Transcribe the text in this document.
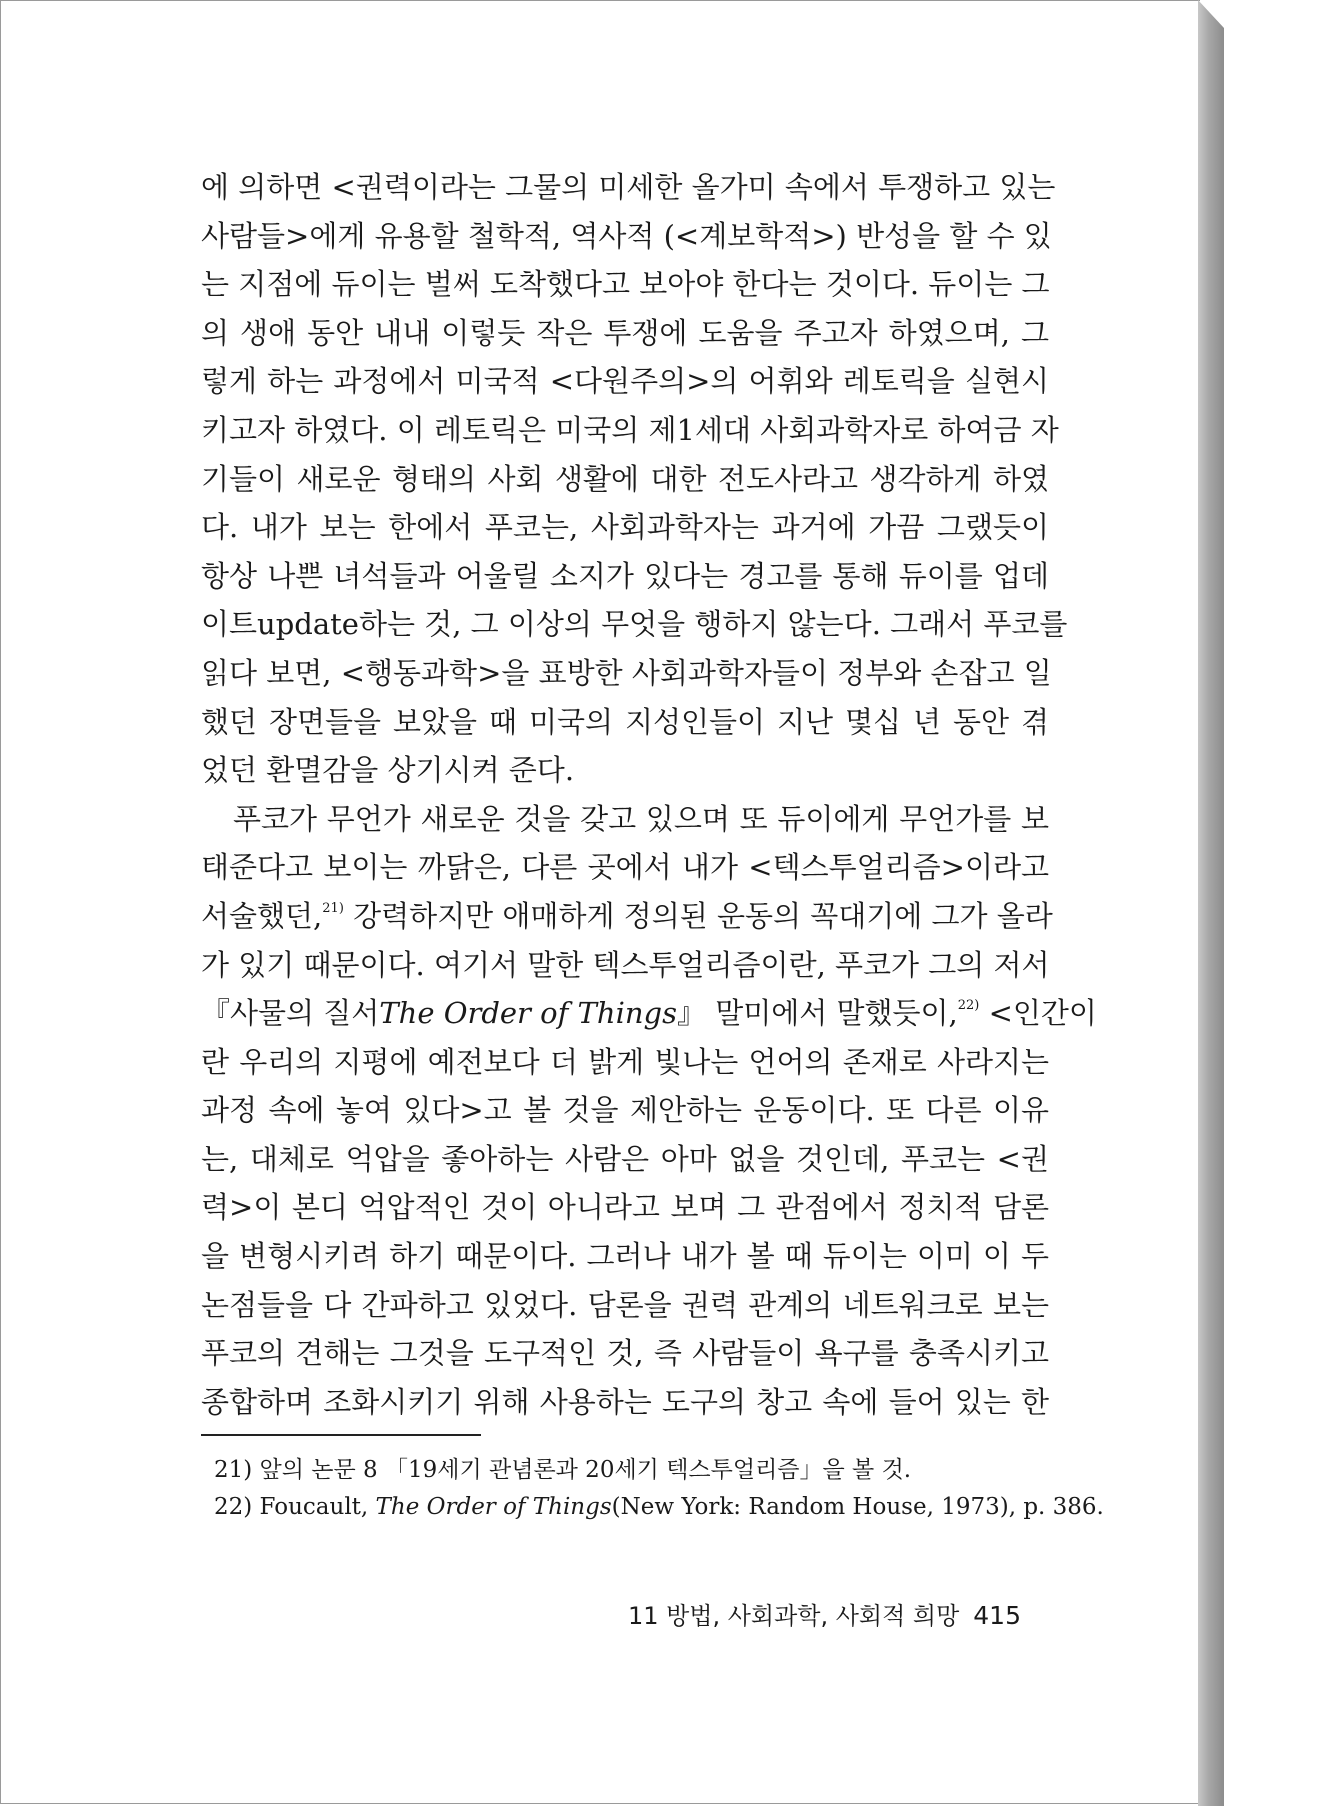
에 의하면 <권력이라는 그물의 미세한 올가미 속에서 투쟁하고 있는
사람들>에게 유용할 철학적, 역사적 (<계보학적>) 반성을 할 수 있
는 지점에 듀이는 벌써 도착했다고 보아야 한다는 것이다. 듀이는 그
의 생애 동안 내내 이렇듯 작은 투쟁에 도움을 주고자 하였으며, 그
렇게 하는 과정에서 미국적 <다원주의>의 어휘와 레토릭을 실현시
키고자 하였다. 이 레토릭은 미국의 제1세대 사회과학자로 하여금 자
기들이 새로운 형태의 사회 생활에 대한 전도사라고 생각하게 하였
다. 내가 보는 한에서 푸코는, 사회과학자는 과거에 가끔 그랬듯이
항상 나쁜 녀석들과 어울릴 소지가 있다는 경고를 통해 듀이를 업데
이트update하는 것, 그 이상의 무엇을 행하지 않는다. 그래서 푸코를
읽다 보면, <행동과학>을 표방한 사회과학자들이 정부와 손잡고 일
했던 장면들을 보았을 때 미국의 지성인들이 지난 몇십 년 동안 겪
었던 환멸감을 상기시켜 준다.
푸코가 무언가 새로운 것을 갖고 있으며 또 듀이에게 무언가를 보
태준다고 보이는 까닭은, 다른 곳에서 내가 <텍스투얼리즘>이라고
서술했던,$^{21)}$ 강력하지만 애매하게 정의된 운동의 꼭대기에 그가 올라
가 있기 때문이다. 여기서 말한 텍스투얼리즘이란, 푸코가 그의 저서
『사물의 질서The Order of Things』 말미에서 말했듯이,$^{22)}$ <인간이
란 우리의 지평에 예전보다 더 밝게 빛나는 언어의 존재로 사라지는
과정 속에 놓여 있다>고 볼 것을 제안하는 운동이다. 또 다른 이유
는, 대체로 억압을 좋아하는 사람은 아마 없을 것인데, 푸코는 <권
력>이 본디 억압적인 것이 아니라고 보며 그 관점에서 정치적 담론
을 변형시키려 하기 때문이다. 그러나 내가 볼 때 듀이는 이미 이 두
논점들을 다 간파하고 있었다. 담론을 권력 관계의 네트워크로 보는
푸코의 견해는 그것을 도구적인 것, 즉 사람들이 욕구를 충족시키고
종합하며 조화시키기 위해 사용하는 도구의 창고 속에 들어 있는 한
21) 앞의 논문 8 「19세기 관념론과 20세기 텍스투얼리즘」을 볼 것.
22) Foucault, The Order of Things(New York: Random House, 1973), p. 386.
11 방법, 사회과학, 사회적 희망 415
